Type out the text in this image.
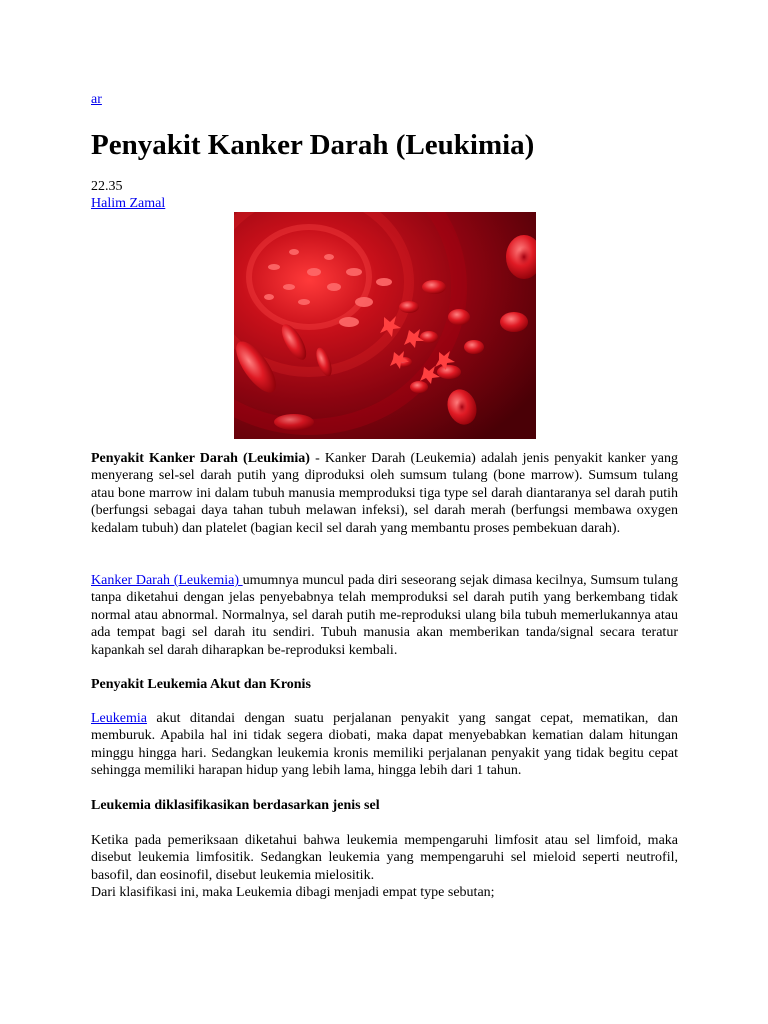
ar
Penyakit Kanker Darah (Leukimia)
22.35
Halim Zamal

Penyakit Kanker Darah (Leukimia) - Kanker Darah (Leukemia) adalah jenis penyakit kanker yang menyerang sel-sel darah putih yang diproduksi oleh sumsum tulang (bone marrow). Sumsum tulang atau bone marrow ini dalam tubuh manusia memproduksi tiga type sel darah diantaranya sel darah putih (berfungsi sebagai daya tahan tubuh melawan infeksi), sel darah merah (berfungsi membawa oxygen kedalam tubuh) dan platelet (bagian kecil sel darah yang membantu proses pembekuan darah).

Kanker Darah (Leukemia) umumnya muncul pada diri seseorang sejak dimasa kecilnya, Sumsum tulang tanpa diketahui dengan jelas penyebabnya telah memproduksi sel darah putih yang berkembang tidak normal atau abnormal. Normalnya, sel darah putih me-reproduksi ulang bila tubuh memerlukannya atau ada tempat bagi sel darah itu sendiri. Tubuh manusia akan memberikan tanda/signal secara teratur kapankah sel darah diharapkan be-reproduksi kembali.

Penyakit Leukemia Akut dan Kronis

Leukemia akut ditandai dengan suatu perjalanan penyakit yang sangat cepat, mematikan, dan memburuk. Apabila hal ini tidak segera diobati, maka dapat menyebabkan kematian dalam hitungan minggu hingga hari. Sedangkan leukemia kronis memiliki perjalanan penyakit yang tidak begitu cepat sehingga memiliki harapan hidup yang lebih lama, hingga lebih dari 1 tahun.

Leukemia diklasifikasikan berdasarkan jenis sel

Ketika pada pemeriksaan diketahui bahwa leukemia mempengaruhi limfosit atau sel limfoid, maka disebut leukemia limfositik. Sedangkan leukemia yang mempengaruhi sel mieloid seperti neutrofil, basofil, dan eosinofil, disebut leukemia mielositik.

Dari klasifikasi ini, maka Leukemia dibagi menjadi empat type sebutan;
